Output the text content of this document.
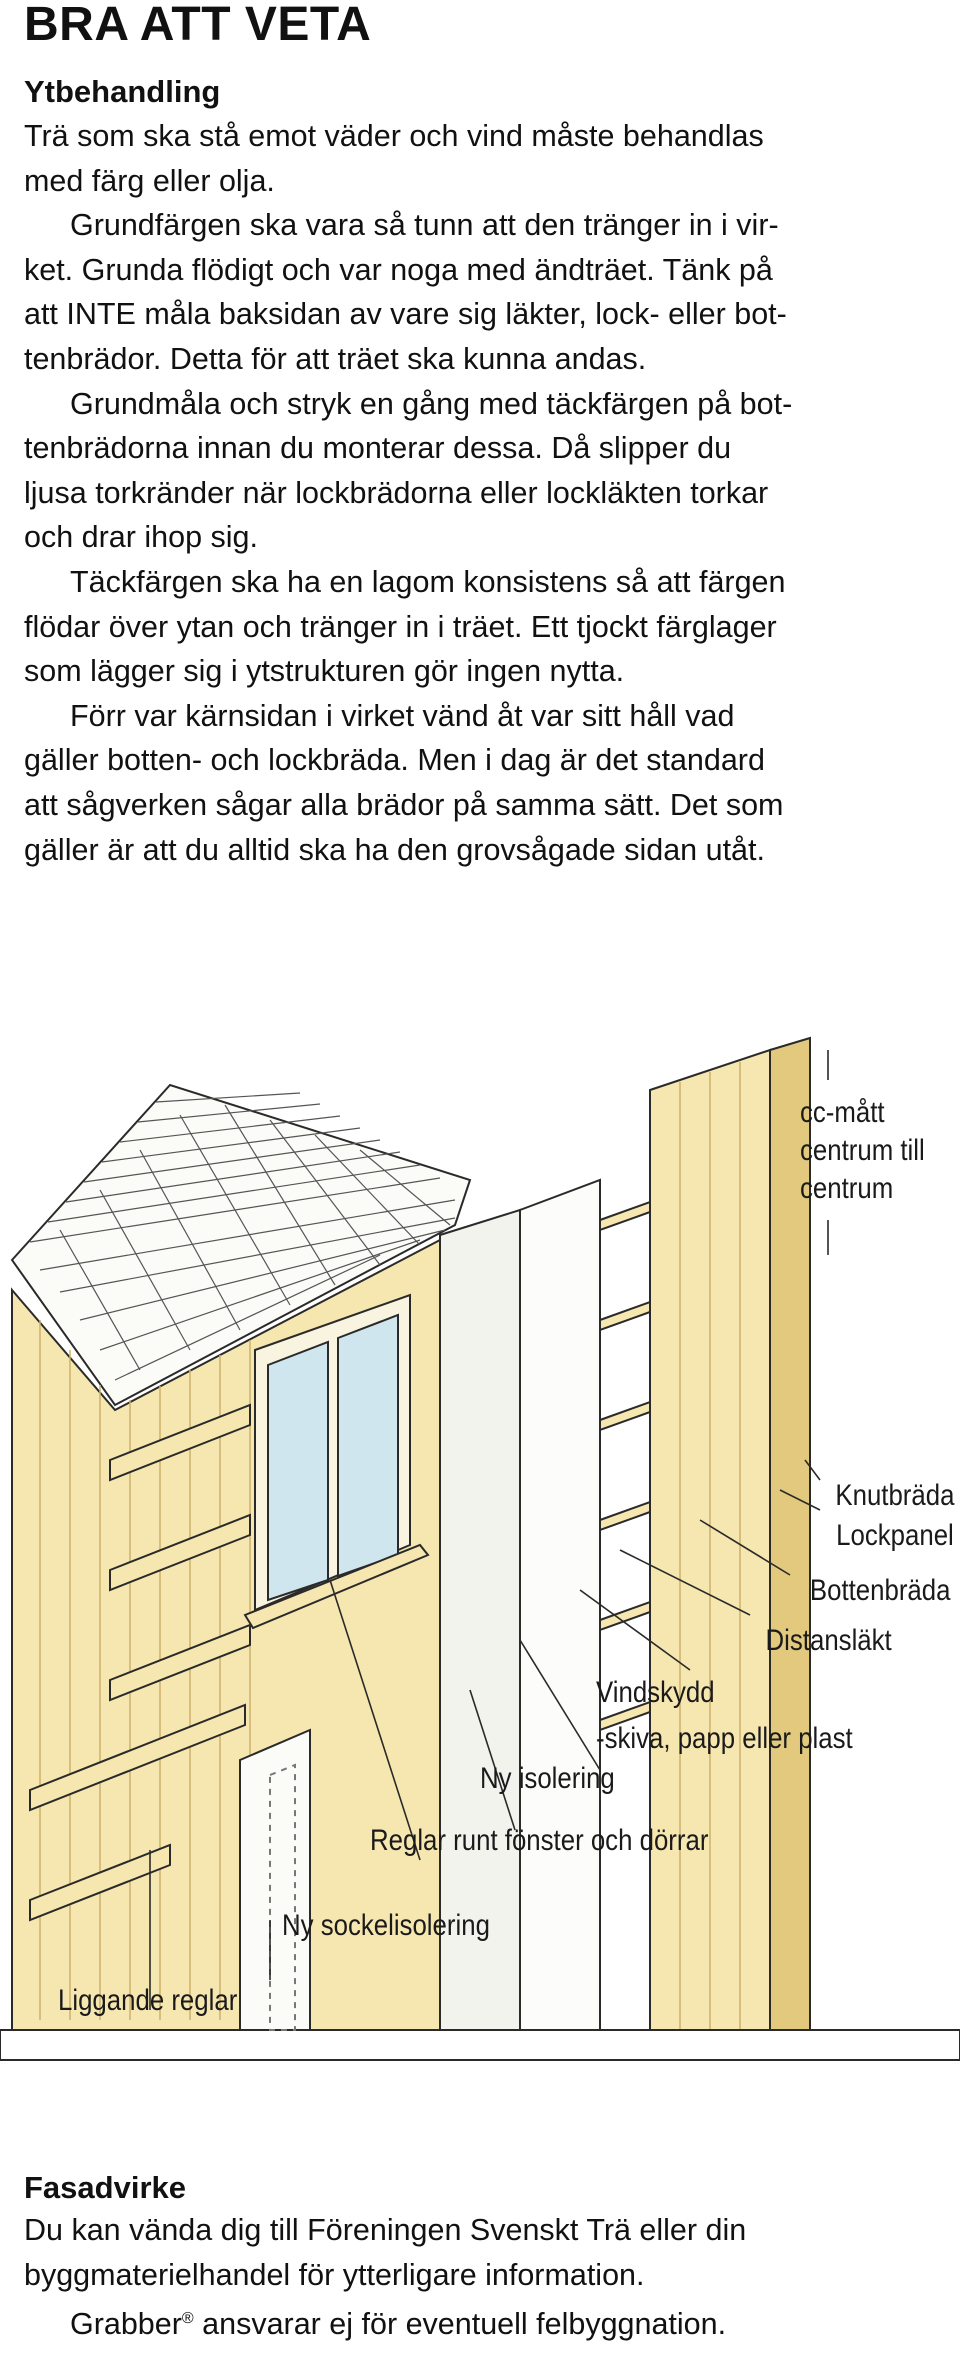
BRA ATT VETA
Ytbehandling

Trä som ska stå emot väder och vind måste behandlas
med färg eller olja.

Grundfärgen ska vara så tunn att den tränger in i vir-
ket. Grunda flödigt och var noga med ändträet. Tänk på
att INTE måla baksidan av vare sig läkter, lock- eller bot-
tenbrädor. Detta för att träet ska kunna andas.

Grundmåla och stryk en gång med täckfärgen på bot-
tenbrädorna innan du monterar dessa. Då slipper du
ljusa torkränder när lockbrädorna eller lockläkten torkar
och drar ihop sig.

Täckfärgen ska ha en lagom konsistens så att färgen
flödar över ytan och tränger in i träet. Ett tjockt färglager
som lägger sig i ytstrukturen gör ingen nytta.

Förr var kärnsidan i virket vänd åt var sitt håll vad
gäller botten- och lockbräda. Men i dag är det standard
att sågverken sågar alla brädor på samma sätt. Det som
gäller är att du alltid ska ha den grovsågade sidan utåt.

cc-mått
centrum till
centrum
Knutbräda
Lockpanel
Bottenbräda
Distansläkt
Vindskydd
-skiva, papp eller plast
Ny isolering
Reglar runt fönster och dörrar
Ny sockelisolering
Liggande reglar
Fasadvirke

Du kan vända dig till Föreningen Svenskt Trä eller din
byggmaterielhandel för ytterligare information.

Grabber® ansvarar ej för eventuell felbyggnation.
